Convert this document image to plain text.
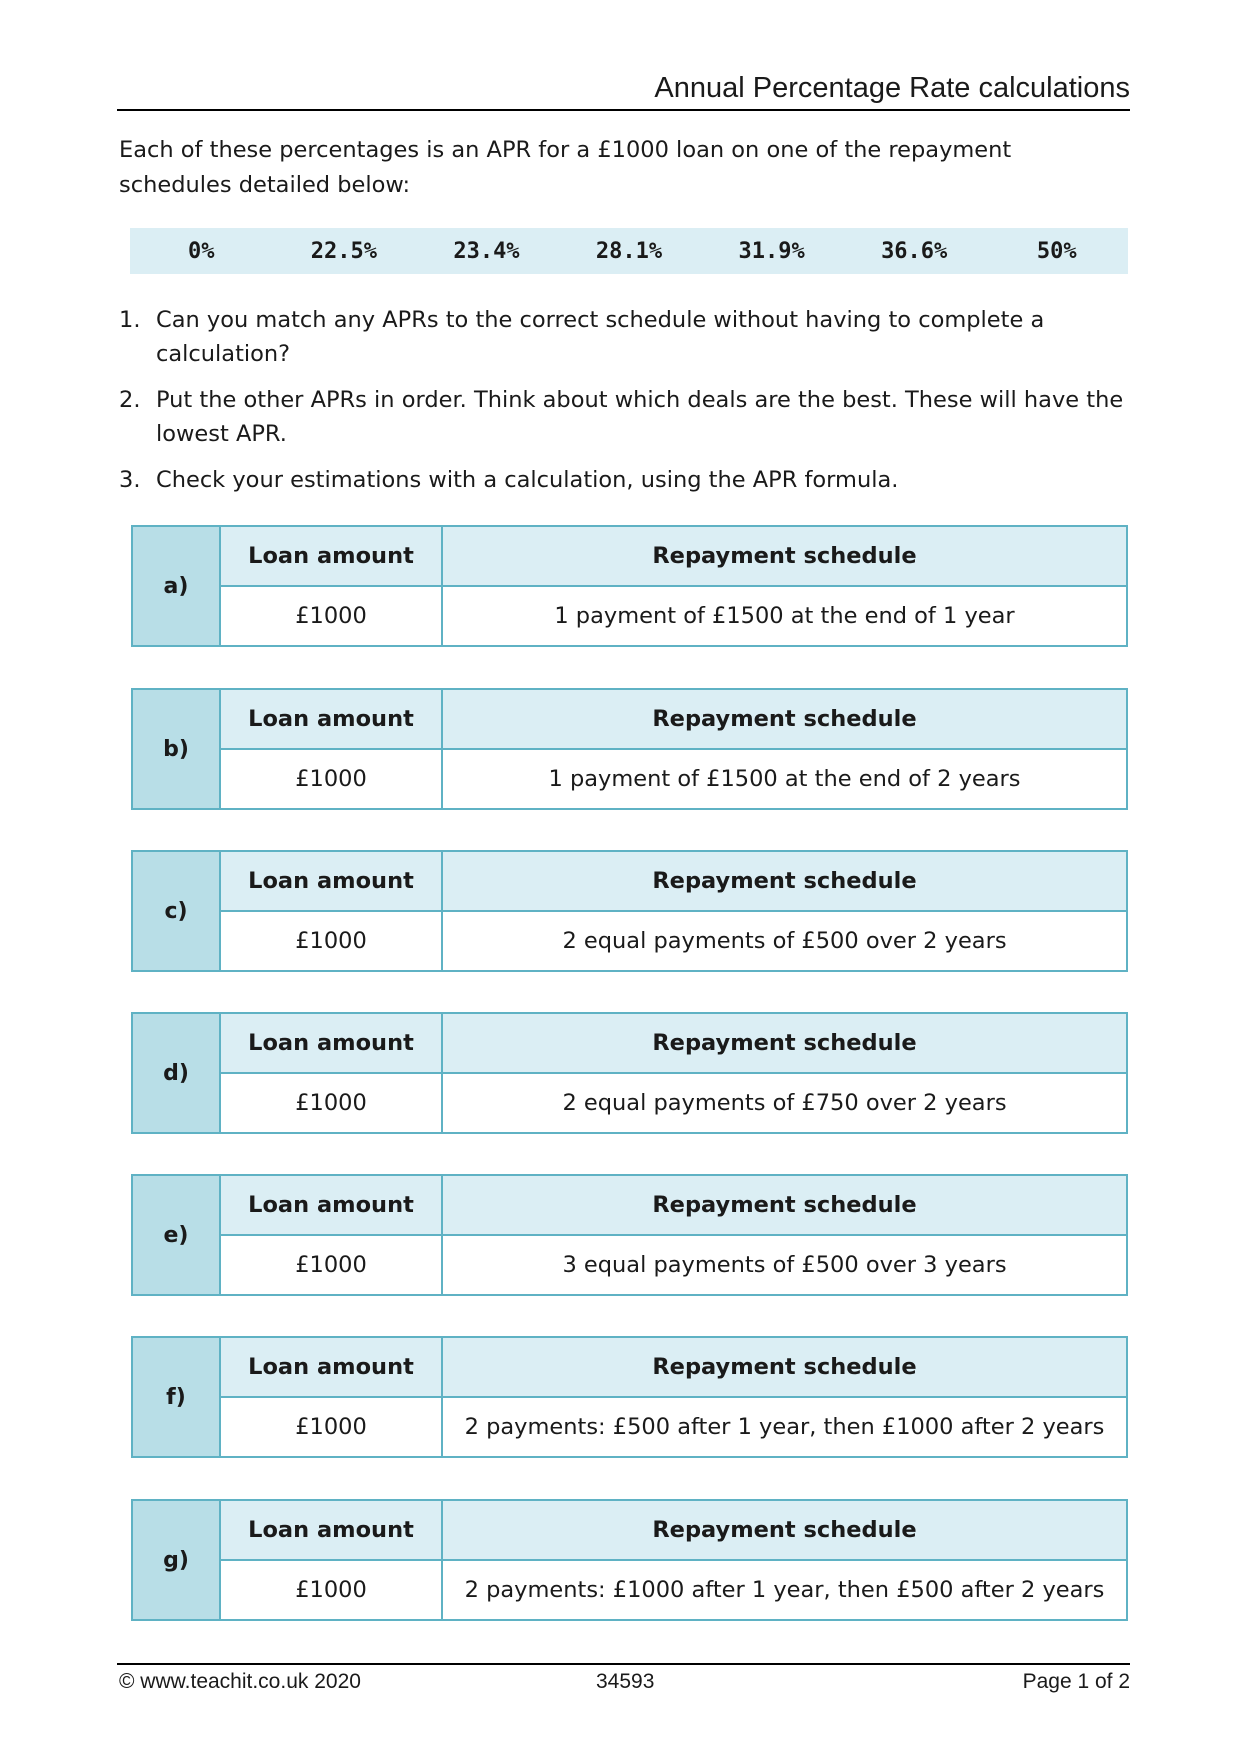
Annual Percentage Rate calculations
Each of these percentages is an APR for a £1000 loan on one of the repayment schedules detailed below:
0%	22.5%	23.4%	28.1%	31.9%	36.6%	50%
1. Can you match any APRs to the correct schedule without having to complete a calculation?
2. Put the other APRs in order. Think about which deals are the best. These will have the lowest APR.
3. Check your estimations with a calculation, using the APR formula.
a)
Loan amount	Repayment schedule
£1000	1 payment of £1500 at the end of 1 year
b)
Loan amount	Repayment schedule
£1000	1 payment of £1500 at the end of 2 years
c)
Loan amount	Repayment schedule
£1000	2 equal payments of £500 over 2 years
d)
Loan amount	Repayment schedule
£1000	2 equal payments of £750 over 2 years
e)
Loan amount	Repayment schedule
£1000	3 equal payments of £500 over 3 years
f)
Loan amount	Repayment schedule
£1000	2 payments: £500 after 1 year, then £1000 after 2 years
g)
Loan amount	Repayment schedule
£1000	2 payments: £1000 after 1 year, then £500 after 2 years
© www.teachit.co.uk 2020	34593	Page 1 of 2
